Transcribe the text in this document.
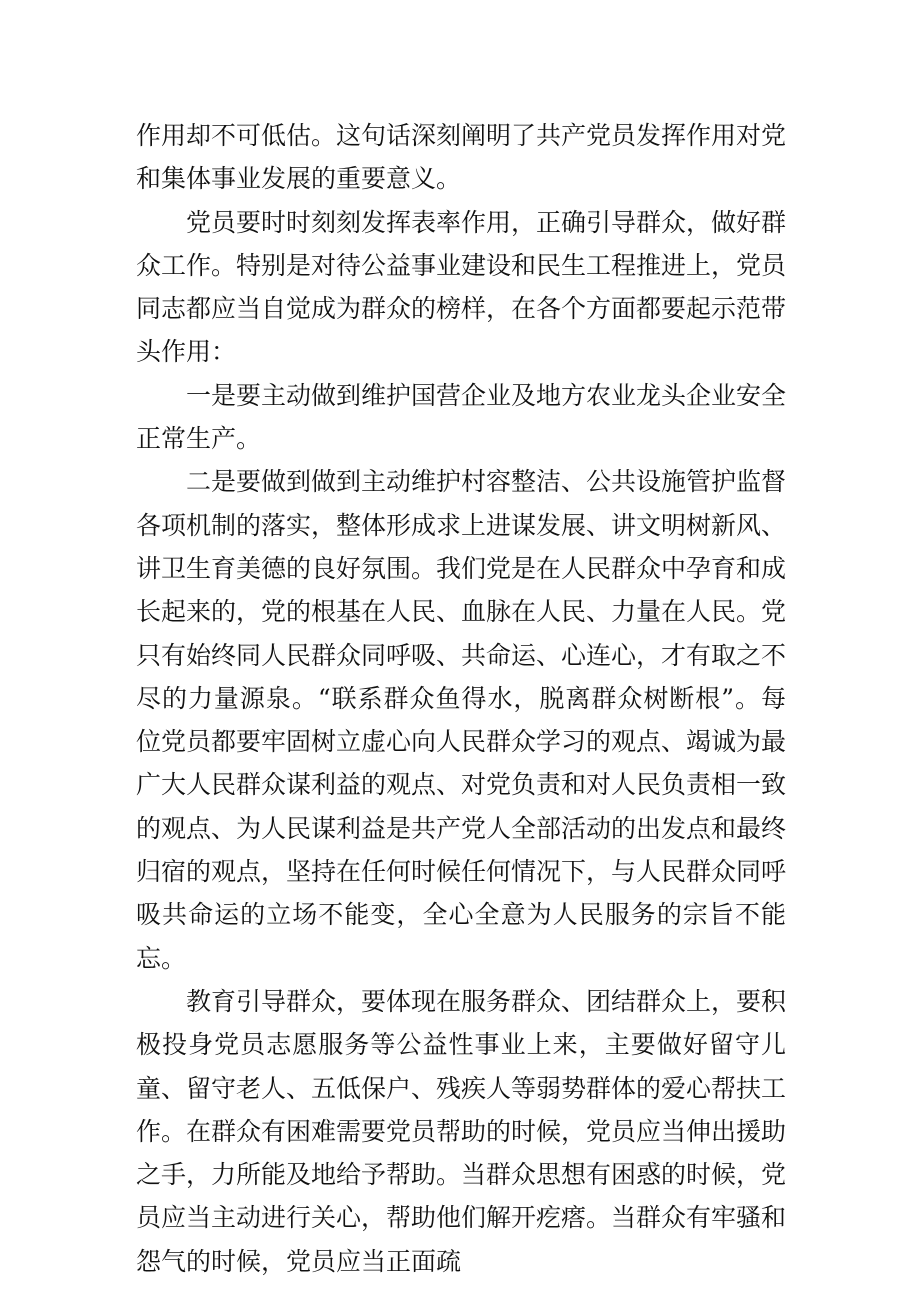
作用却不可低估。这句话深刻阐明了共产党员发挥作用对党和集体事业发展的重要意义。

党员要时时刻刻发挥表率作用，正确引导群众，做好群众工作。特别是对待公益事业建设和民生工程推进上，党员同志都应当自觉成为群众的榜样，在各个方面都要起示范带头作用：

一是要主动做到维护国营企业及地方农业龙头企业安全正常生产。

二是要做到做到主动维护村容整洁、公共设施管护监督各项机制的落实，整体形成求上进谋发展、讲文明树新风、讲卫生育美德的良好氛围。我们党是在人民群众中孕育和成长起来的，党的根基在人民、血脉在人民、力量在人民。党只有始终同人民群众同呼吸、共命运、心连心，才有取之不尽的力量源泉。“联系群众鱼得水，脱离群众树断根”。每位党员都要牢固树立虚心向人民群众学习的观点、竭诚为最广大人民群众谋利益的观点、对党负责和对人民负责相一致的观点、为人民谋利益是共产党人全部活动的出发点和最终归宿的观点，坚持在任何时候任何情况下，与人民群众同呼吸共命运的立场不能变，全心全意为人民服务的宗旨不能忘。

教育引导群众，要体现在服务群众、团结群众上，要积极投身党员志愿服务等公益性事业上来，主要做好留守儿童、留守老人、五低保户、残疾人等弱势群体的爱心帮扶工作。在群众有困难需要党员帮助的时候，党员应当伸出援助之手，力所能及地给予帮助。当群众思想有困惑的时候，党员应当主动进行关心，帮助他们解开疙瘩。当群众有牢骚和怨气的时候，党员应当正面疏
